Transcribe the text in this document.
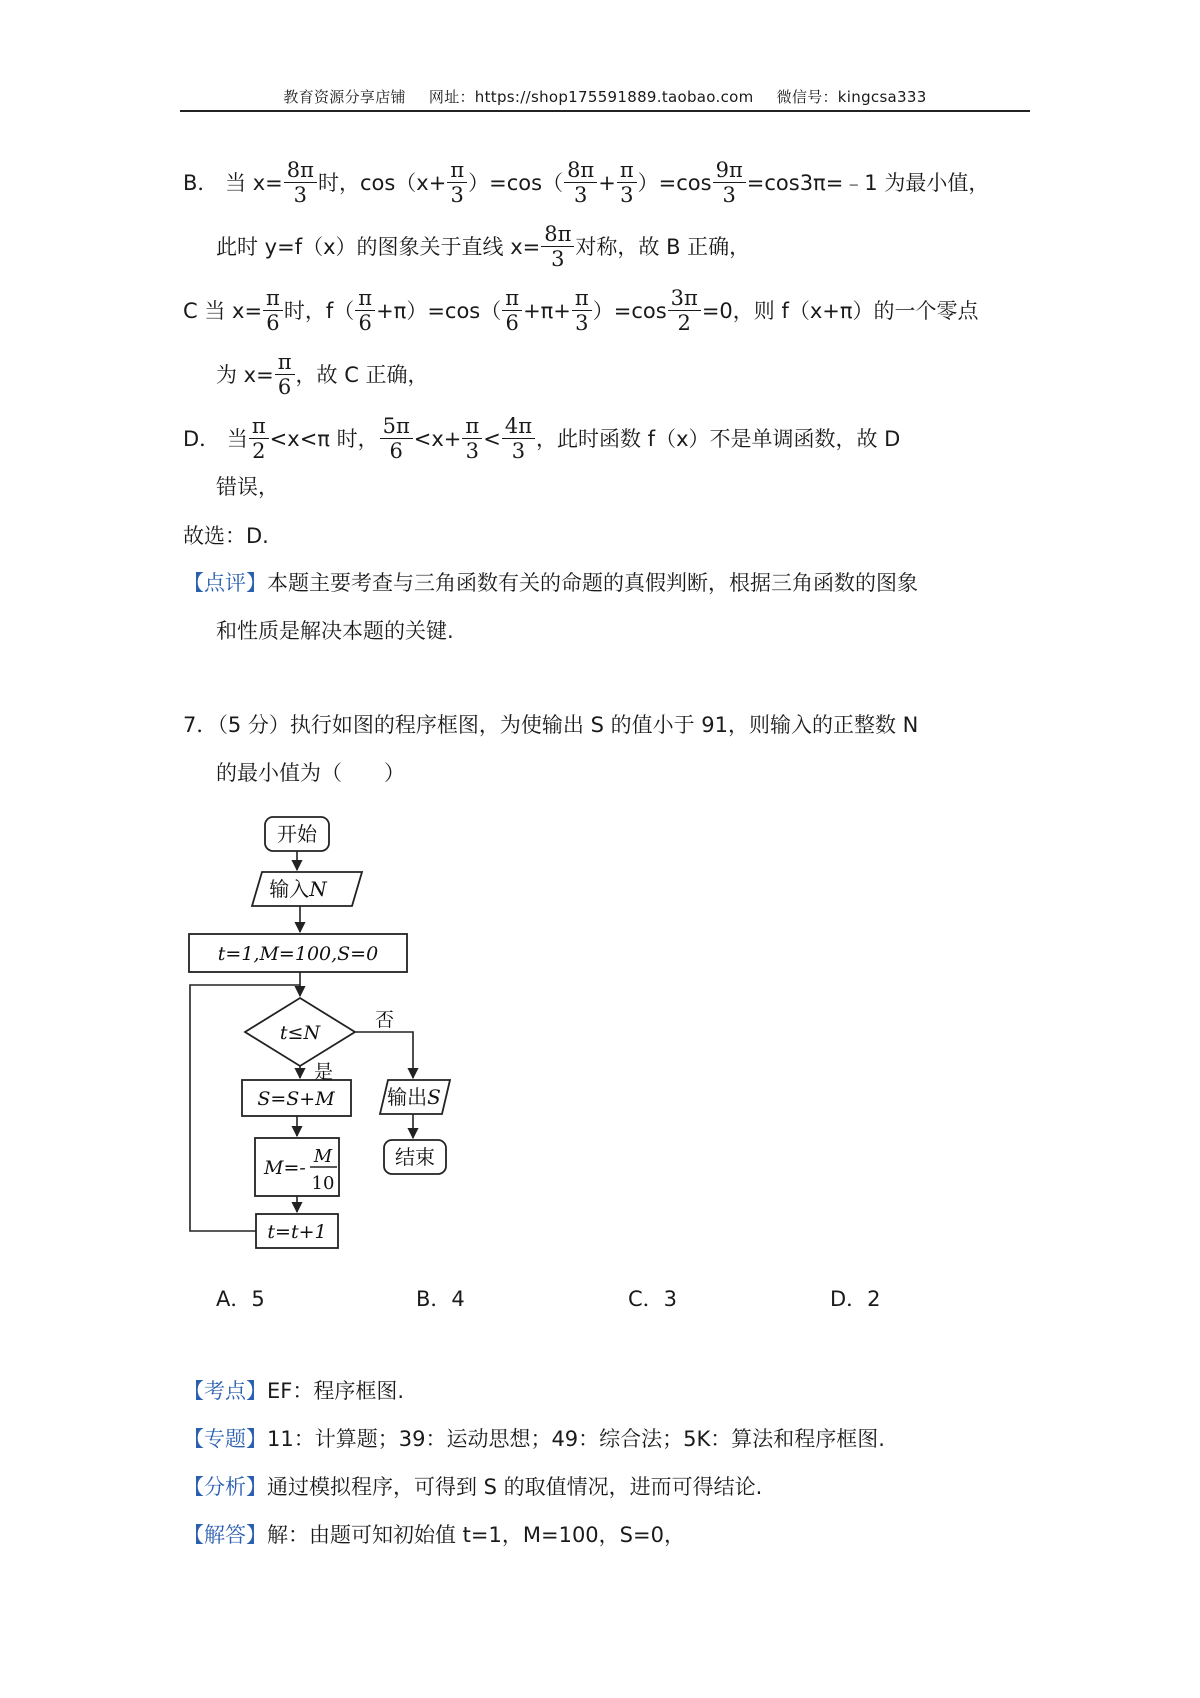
教育资源分享店铺 网址：https://shop175591889.taobao.com 微信号：kingcsa333
B． 当 $x= \frac{8\pi}{3}$ 时，$\cos(x+ \frac{\pi}{3} )=\cos( \frac{8\pi}{3} + \frac{\pi}{3} )=\cos \frac{9\pi}{3}$ =cos3π=﹣1 为最小值，
此时 y=f（x）的图象关于直线 $x= \frac{8\pi}{3}$ 对称，故 B 正确，
C 当 $x= \frac{\pi}{6}$ 时，$f( \frac{\pi}{6} +\pi)=\cos( \frac{\pi}{6} +\pi+ \frac{\pi}{3} )=\cos \frac{3\pi}{2} =0$，则 f（x+π）的一个零点
为 $x= \frac{\pi}{6}$ ，故 C 正确，
D． 当 $\frac{\pi}{2} <x<\pi$ 时， $\frac{5\pi}{6} <x+ \frac{\pi}{3} < \frac{4\pi}{3}$ ，此时函数 f（x）不是单调函数，故 D
错误，
故选：D.
【点评】 本题主要考查与三角函数有关的命题的真假判断，根据三角函数的图象
和性质是解决本题的关键.
7．（5 分）执行如图的程序框图，为使输出 S 的值小于 91，则输入的正整数 N
的最小值为（　　）
开始
输入N
t=1,M=100,S=0
t≤N
是
否
S=S+M
M=-
M
10
t=t+1
输出S
结束
A．5	B．4	C．3	D．2
【考点】 EF：程序框图.
【专题】 11：计算题；39：运动思想；49：综合法；5K：算法和程序框图.
【分析】 通过模拟程序，可得到 S 的取值情况，进而可得结论.
【解答】 解：由题可知初始值 t=1，M=100，S=0，
